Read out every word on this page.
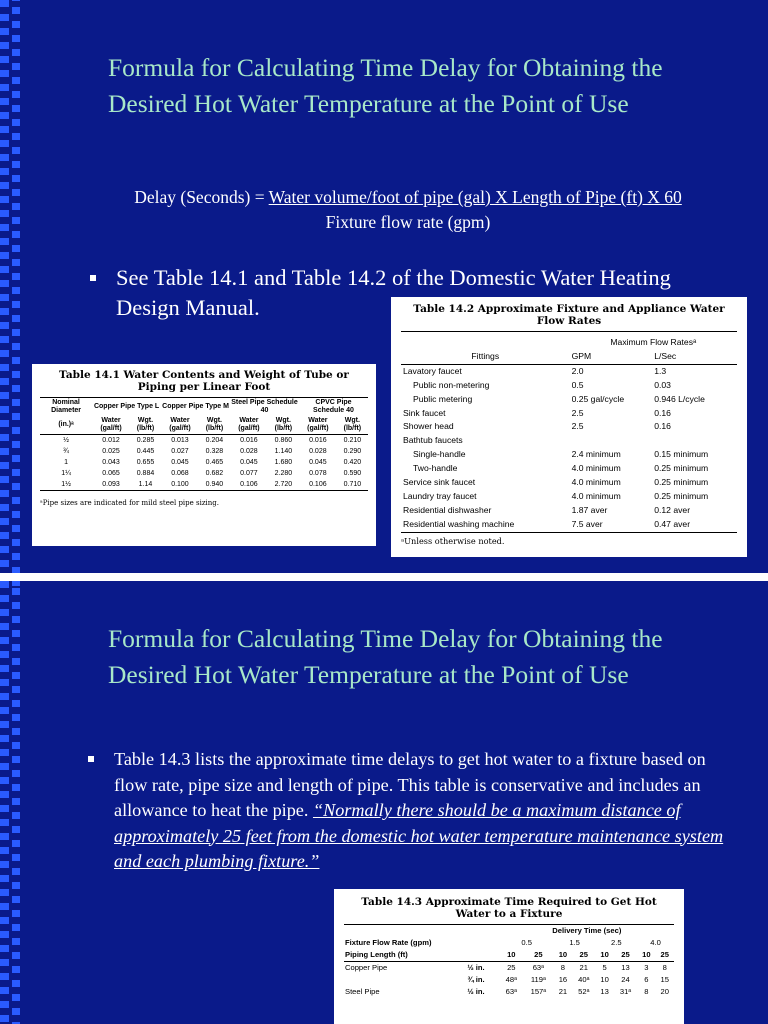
Formula for Calculating Time Delay for Obtaining the Desired Hot Water Temperature at the Point of Use
Delay (Seconds) = Water volume/foot of pipe (gal) X Length of Pipe (ft) X 60
Fixture flow rate (gpm)
See Table 14.1 and Table 14.2 of the Domestic Water Heating Design Manual.
Table 14.1 Water Contents and Weight of Tube or Piping per Linear Foot
Nominal Diameter	Copper Pipe Type L		Copper Pipe Type M		Steel Pipe Schedule 40		CPVC Pipe Schedule 40	

(in.)ᵃ	Water (gal/ft)	Wgt. (lb/ft)	Water (gal/ft)	Wgt. (lb/ft)	Water (gal/ft)	Wgt. (lb/ft)	Water (gal/ft)	Wgt. (lb/ft)
½	0.012	0.285	0.013	0.204	0.016	0.860	0.016	0.210
¾	0.025	0.445	0.027	0.328	0.028	1.140	0.028	0.290
1	0.043	0.655	0.045	0.465	0.045	1.680	0.045	0.420
1¼	0.065	0.884	0.068	0.682	0.077	2.280	0.078	0.590
1½	0.093	1.14	0.100	0.940	0.106	2.720	0.106	0.710
ᵃPipe sizes are indicated for mild steel pipe sizing.
Table 14.2 Approximate Fixture and Appliance Water Flow Rates
	Maximum Flow Ratesᵃ	
Fittings	GPM	L/Sec
Lavatory faucet	2.0	1.3
Public non-metering	0.5	0.03
Public metering	0.25 gal/cycle	0.946 L/cycle
Sink faucet	2.5	0.16
Shower head	2.5	0.16
Bathtub faucets		
Single-handle	2.4 minimum	0.15 minimum
Two-handle	4.0 minimum	0.25 minimum
Service sink faucet	4.0 minimum	0.25 minimum
Laundry tray faucet	4.0 minimum	0.25 minimum
Residential dishwasher	1.87 aver	0.12 aver
Residential washing machine	7.5 aver	0.47 aver
ᵃUnless otherwise noted.
Formula for Calculating Time Delay for Obtaining the Desired Hot Water Temperature at the Point of Use
Table 14.3 lists the approximate time delays to get hot water to a fixture based on flow rate, pipe size and length of pipe. This table is conservative and includes an allowance to heat the pipe. “Normally there should be a maximum distance of approximately 25 feet from the domestic hot water temperature maintenance system and each plumbing fixture.”
Table 14.3 Approximate Time Required to Get Hot Water to a Fixture
		Delivery Time (sec)							
Fixture Flow Rate (gpm)		0.5		1.5		2.5		4.0	
Piping Length (ft)		10	25	10	25	10	25	10	25
Copper Pipe	½ in.	25	63ᵃ	8	21	5	13	3	8
	¾ in.	48ᵃ	119ᵃ	16	40ᵃ	10	24	6	15
Steel Pipe	½ in.	63ᵃ	157ᵃ	21	52ᵃ	13	31ᵃ	8	20
